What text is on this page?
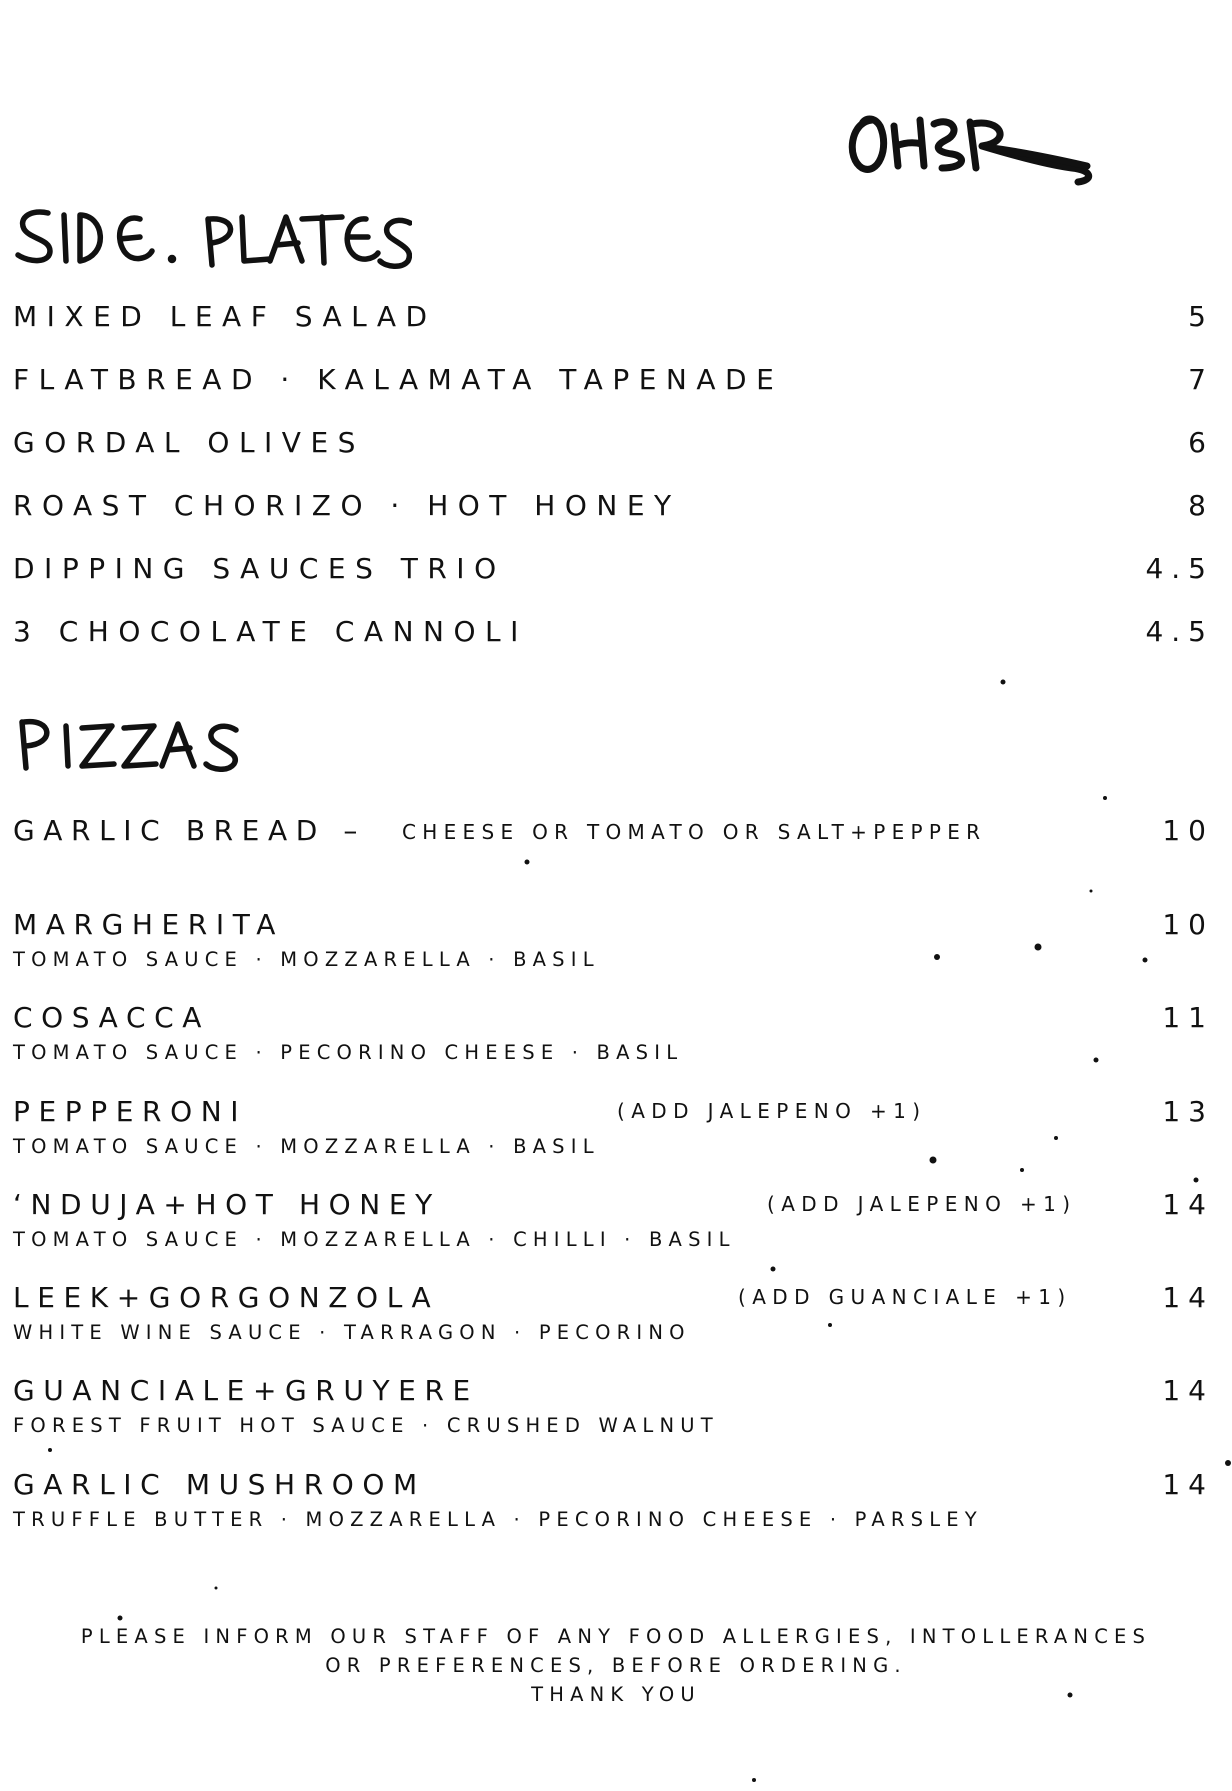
MIXED LEAF SALAD	5
FLATBREAD · KALAMATA TAPENADE	7
GORDAL OLIVES	6
ROAST CHORIZO · HOT HONEY	8
DIPPING SAUCES TRIO	4.5
3 CHOCOLATE CANNOLI	4.5
GARLIC BREAD – CHEESE OR TOMATO OR SALT+PEPPER	10
MARGHERITA	10
TOMATO SAUCE · MOZZARELLA · BASIL
COSACCA	11
TOMATO SAUCE · PECORINO CHEESE · BASIL
PEPPERONI	(ADD JALEPENO +1)	13
TOMATO SAUCE · MOZZARELLA · BASIL
‘NDUJA+HOT HONEY	(ADD JALEPENO +1)	14
TOMATO SAUCE · MOZZARELLA · CHILLI · BASIL
LEEK+GORGONZOLA	(ADD GUANCIALE +1)	14
WHITE WINE SAUCE · TARRAGON · PECORINO
GUANCIALE+GRUYERE	14
FOREST FRUIT HOT SAUCE · CRUSHED WALNUT
GARLIC MUSHROOM	14
TRUFFLE BUTTER · MOZZARELLA · PECORINO CHEESE · PARSLEY
PLEASE INFORM OUR STAFF OF ANY FOOD ALLERGIES, INTOLLERANCES
OR PREFERENCES, BEFORE ORDERING.
THANK YOU
